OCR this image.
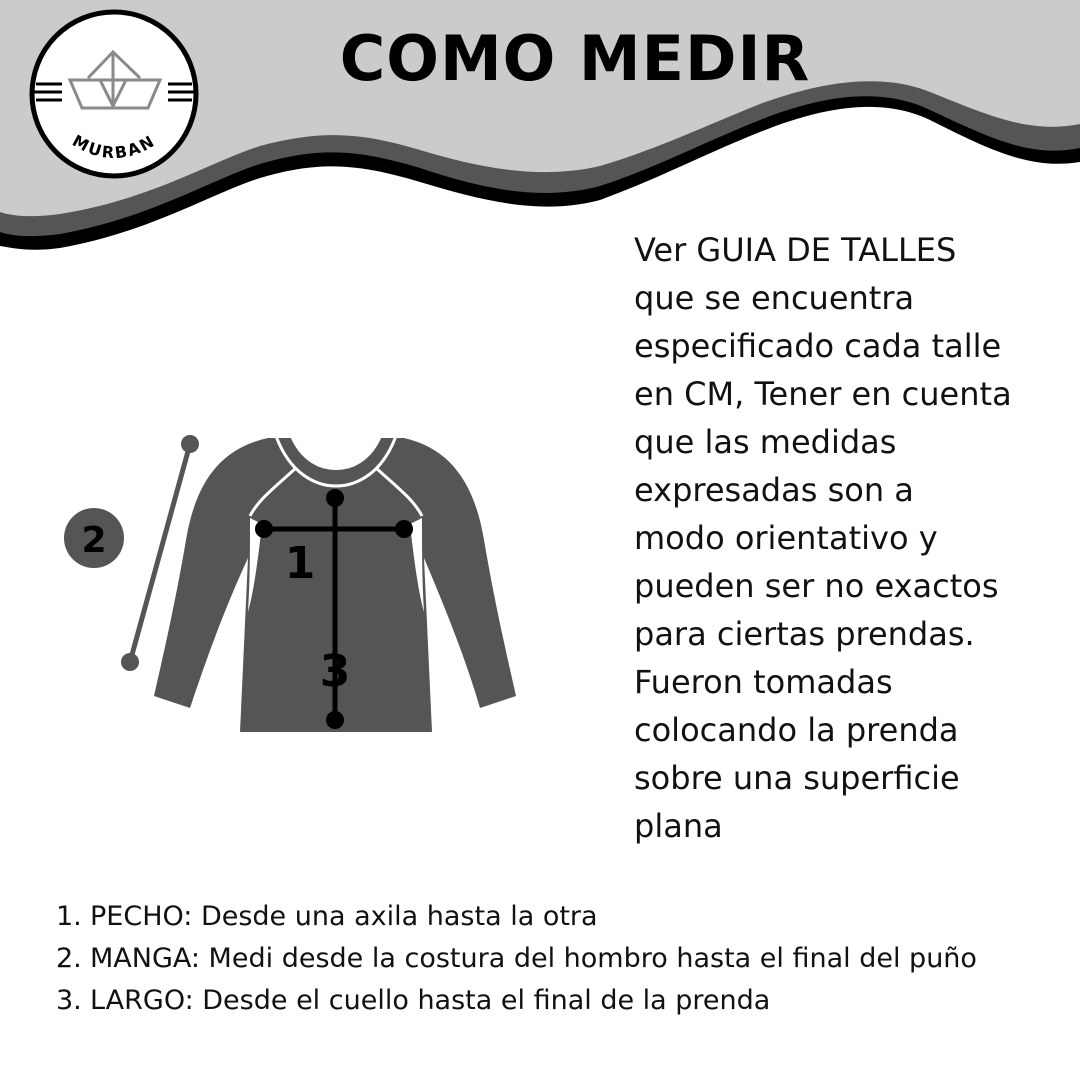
MURBAN
1
3
2
COMO MEDIR
Ver GUIA DE TALLES
que se encuentra
especificado cada talle
en CM, Tener en cuenta
que las medidas
expresadas son a
modo orientativo y
pueden ser no exactos
para ciertas prendas.
Fueron tomadas
colocando la prenda
sobre una superficie
plana
1. PECHO: Desde una axila hasta la otra
2. MANGA: Medi desde la costura del hombro hasta el final del puño
3. LARGO: Desde el cuello hasta el final de la prenda
